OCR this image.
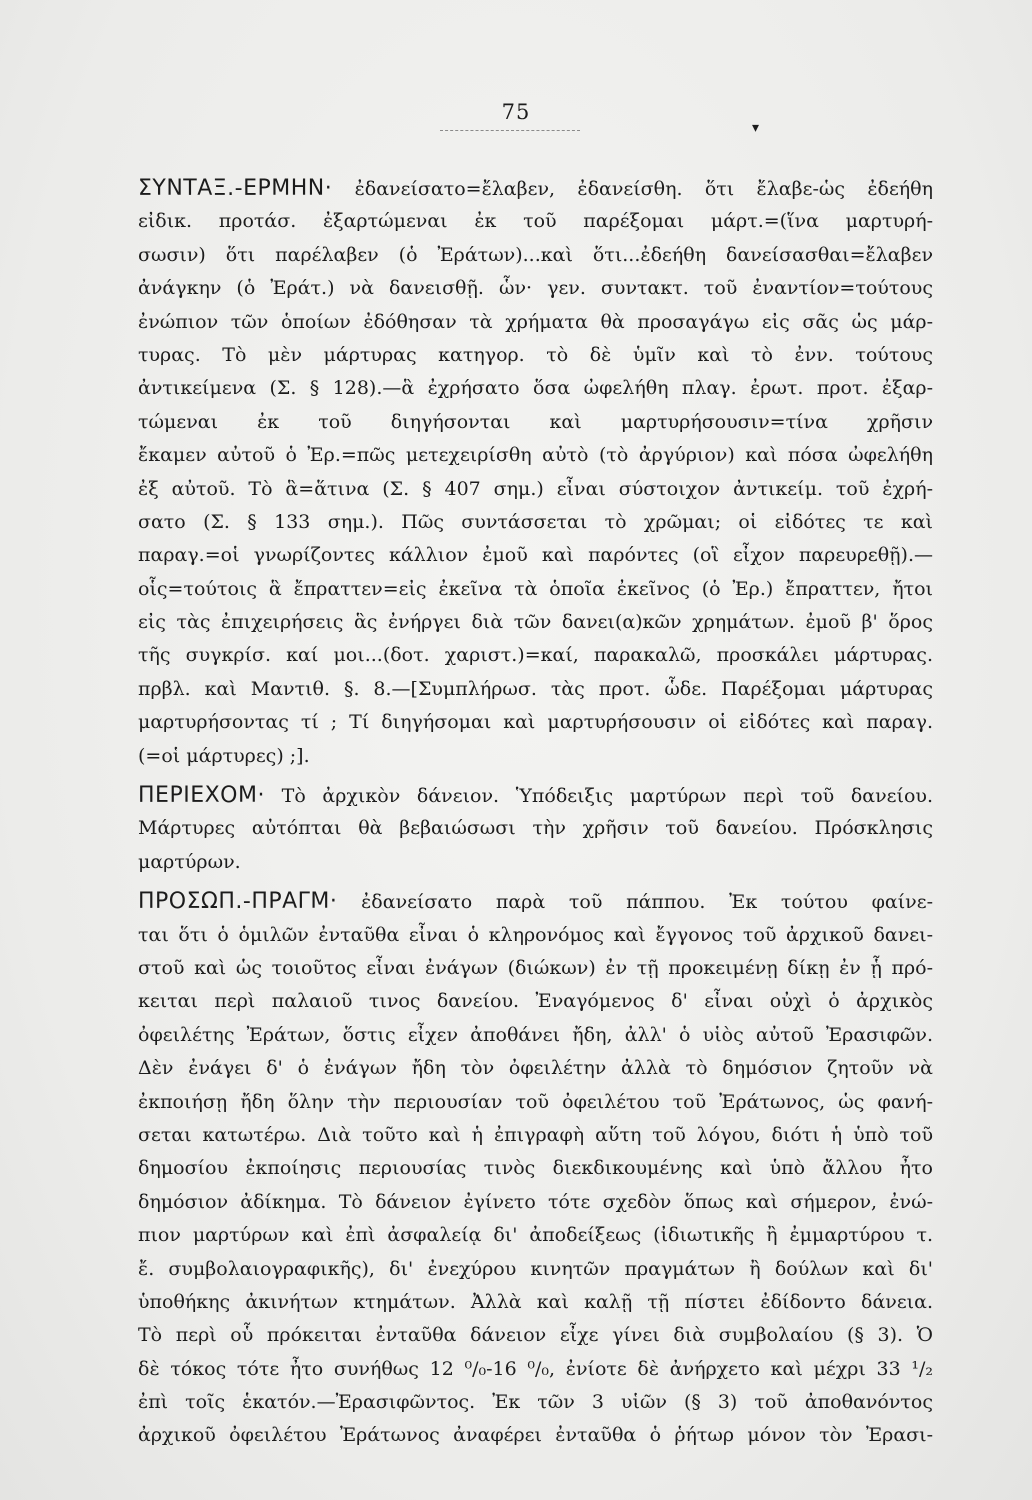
75
▾
ΣΥΝΤΑΞ.-ΕΡΜΗΝ· ἐδανείσατο=ἔλαβεν, ἐδανείσθη. ὅτι ἔλαβε-ὡς ἐδεήθη
εἰδικ. προτάσ. ἐξαρτώμεναι ἐκ τοῦ παρέξομαι μάρτ.=(ἵνα μαρτυρή-
σωσιν) ὅτι παρέλαβεν (ὁ Ἐράτων)...καὶ ὅτι...ἐδεήθη δανείσασθαι=ἔλαβεν
ἀνάγκην (ὁ Ἐράτ.) νὰ δανεισθῇ. ὧν· γεν. συντακτ. τοῦ ἐναντίον=τούτους
ἐνώπιον τῶν ὁποίων ἐδόθησαν τὰ χρήματα θὰ προσαγάγω εἰς σᾶς ὡς μάρ-
τυρας. Τὸ μὲν μάρτυρας κατηγορ. τὸ δὲ ὑμῖν καὶ τὸ ἐνν. τούτους
ἀντικείμενα (Σ. § 128).—ἃ ἐχρήσατο ὅσα ὠφελήθη πλαγ. ἐρωτ. προτ. ἐξαρ-
τώμεναι ἐκ τοῦ διηγήσονται καὶ μαρτυρήσουσιν=τίνα χρῆσιν
ἔκαμεν αὐτοῦ ὁ Ἐρ.=πῶς μετεχειρίσθη αὐτὸ (τὸ ἀργύριον) καὶ πόσα ὠφελήθη
ἐξ αὐτοῦ. Τὸ ἃ=ἅτινα (Σ. § 407 σημ.) εἶναι σύστοιχον ἀντικείμ. τοῦ ἐχρή-
σατο (Σ. § 133 σημ.). Πῶς συντάσσεται τὸ χρῶμαι; οἱ εἰδότες τε καὶ
παραγ.=οἱ γνωρίζοντες κάλλιον ἐμοῦ καὶ παρόντες (οἳ εἶχον παρευρεθῇ).—
οἷς=τούτοις ἃ ἔπραττεν=εἰς ἐκεῖνα τὰ ὁποῖα ἐκεῖνος (ὁ Ἐρ.) ἔπραττεν, ἤτοι
εἰς τὰς ἐπιχειρήσεις ἃς ἐνήργει διὰ τῶν δανει(α)κῶν χρημάτων. ἐμοῦ β' ὅρος
τῆς συγκρίσ. καί μοι...(δοτ. χαριστ.)=καί, παρακαλῶ, προσκάλει μάρτυρας.
πρβλ. καὶ Μαντιθ. §. 8.—[Συμπλήρωσ. τὰς προτ. ὧδε. Παρέξομαι μάρτυρας
μαρτυρήσοντας τί ; Τί διηγήσομαι καὶ μαρτυρήσουσιν οἱ εἰδότες καὶ παραγ.
(=οἱ μάρτυρες) ;].
ΠΕΡΙΕΧΟΜ· Τὸ ἀρχικὸν δάνειον. Ὑπόδειξις μαρτύρων περὶ τοῦ δανείου.
Μάρτυρες αὐτόπται θὰ βεβαιώσωσι τὴν χρῆσιν τοῦ δανείου. Πρόσκλησις
μαρτύρων.
ΠΡΟΣΩΠ.-ΠΡΑΓΜ· ἐδανείσατο παρὰ τοῦ πάππου. Ἐκ τούτου φαίνε-
ται ὅτι ὁ ὁμιλῶν ἐνταῦθα εἶναι ὁ κληρονόμος καὶ ἔγγονος τοῦ ἀρχικοῦ δανει-
στοῦ καὶ ὡς τοιοῦτος εἶναι ἐνάγων (διώκων) ἐν τῇ προκειμένῃ δίκῃ ἐν ᾗ πρό-
κειται περὶ παλαιοῦ τινος δανείου. Ἐναγόμενος δ' εἶναι οὐχὶ ὁ ἀρχικὸς
ὀφειλέτης Ἐράτων, ὅστις εἶχεν ἀποθάνει ἤδη, ἀλλ' ὁ υἱὸς αὐτοῦ Ἐρασιφῶν.
Δὲν ἐνάγει δ' ὁ ἐνάγων ἤδη τὸν ὀφειλέτην ἀλλὰ τὸ δημόσιον ζητοῦν νὰ
ἐκποιήσῃ ἤδη ὅλην τὴν περιουσίαν τοῦ ὀφειλέτου τοῦ Ἐράτωνος, ὡς φανή-
σεται κατωτέρω. Διὰ τοῦτο καὶ ἡ ἐπιγραφὴ αὕτη τοῦ λόγου, διότι ἡ ὑπὸ τοῦ
δημοσίου ἐκποίησις περιουσίας τινὸς διεκδικουμένης καὶ ὑπὸ ἄλλου ἦτο
δημόσιον ἀδίκημα. Τὸ δάνειον ἐγίνετο τότε σχεδὸν ὅπως καὶ σήμερον, ἐνώ-
πιον μαρτύρων καὶ ἐπὶ ἀσφαλείᾳ δι' ἀποδείξεως (ἰδιωτικῆς ἢ ἐμμαρτύρου τ.
ἔ. συμβολαιογραφικῆς), δι' ἐνεχύρου κινητῶν πραγμάτων ἢ δούλων καὶ δι'
ὑποθήκης ἀκινήτων κτημάτων. Ἀλλὰ καὶ καλῇ τῇ πίστει ἐδίδοντο δάνεια.
Τὸ περὶ οὗ πρόκειται ἐνταῦθα δάνειον εἶχε γίνει διὰ συμβολαίου (§ 3). Ὁ
δὲ τόκος τότε ἦτο συνήθως 12 ⁰/₀-16 ⁰/₀, ἐνίοτε δὲ ἀνήρχετο καὶ μέχρι 33 ¹/₂
ἐπὶ τοῖς ἑκατόν.—Ἐρασιφῶντος. Ἐκ τῶν 3 υἱῶν (§ 3) τοῦ ἀποθανόντος
ἀρχικοῦ ὀφειλέτου Ἐράτωνος ἀναφέρει ἐνταῦθα ὁ ῥήτωρ μόνον τὸν Ἐρασι-
